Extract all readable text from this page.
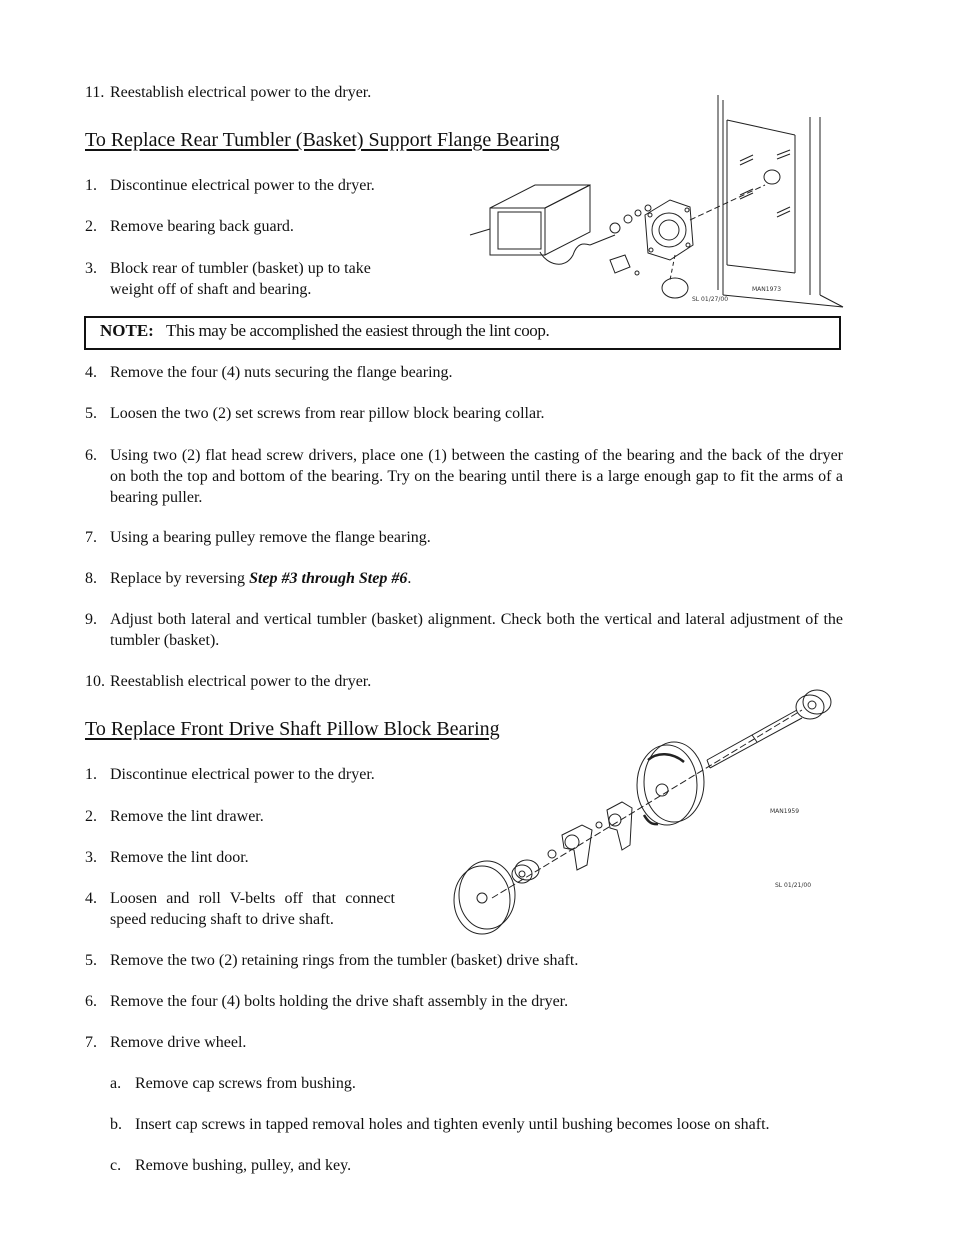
11. Reestablish electrical power to the dryer.
To Replace Rear Tumbler (Basket) Support Flange Bearing
1. Discontinue electrical power to the dryer.
2. Remove bearing back guard.
3. Block rear of tumbler (basket) up to take weight off of shaft and bearing.	MAN1973
SL 01/27/00
NOTE: This may be accomplished the easiest through the lint coop.
4. Remove the four (4) nuts securing the flange bearing.
5. Loosen the two (2) set screws from rear pillow block bearing collar.
6. Using two (2) flat head screw drivers, place one (1) between the casting of the bearing and the back of the dryer on both the top and bottom of the bearing. Try on the bearing until there is a large enough gap to fit the arms of a bearing puller.
7. Using a bearing pulley remove the flange bearing.
8. Replace by reversing Step #3 through Step #6.
9. Adjust both lateral and vertical tumbler (basket) alignment. Check both the vertical and lateral adjustment of the tumbler (basket).
10. Reestablish electrical power to the dryer.
To Replace Front Drive Shaft Pillow Block Bearing
MAN1959
SL 01/21/00
1. Discontinue electrical power to the dryer.
2. Remove the lint drawer.
3. Remove the lint door.
4. Loosen and roll V-belts off that connect speed reducing shaft to drive shaft.
5. Remove the two (2) retaining rings from the tumbler (basket) drive shaft.
6. Remove the four (4) bolts holding the drive shaft assembly in the dryer.
7. Remove drive wheel.
a. Remove cap screws from bushing.
b. Insert cap screws in tapped removal holes and tighten evenly until bushing becomes loose on shaft.
c. Remove bushing, pulley, and key.
